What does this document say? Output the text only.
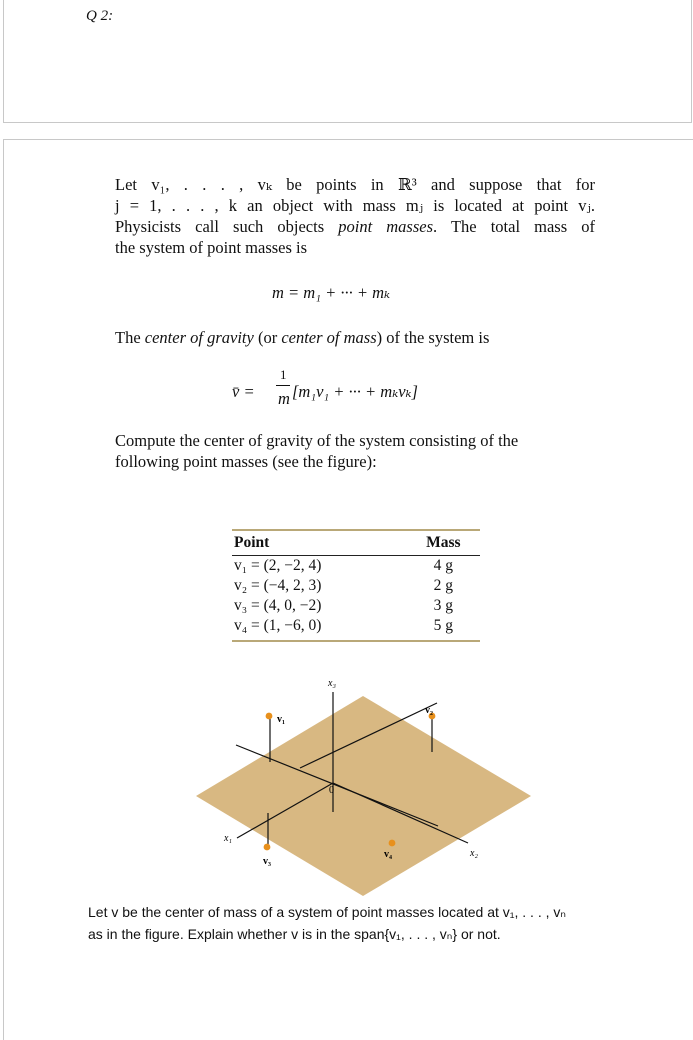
Q 2:
Let v₁, . . . , vₖ be points in ℝ³ and suppose that for
j = 1, . . . , k an object with mass mⱼ is located at point vⱼ.
Physicists call such objects point masses. The total mass of
the system of point masses is
m = m₁ + ··· + mₖ
The center of gravity (or center of mass) of the system is
v̄ =
1
m [m₁v₁ + ··· + mₖvₖ]
Compute the center of gravity of the system consisting of the
following point masses (see the figure):
Point	Mass
v₁ = (2, −2, 4)	4 g
v₂ = (−4, 2, 3)	2 g
v₃ = (4, 0, −2)	3 g
v₄ = (1, −6, 0)	5 g
x₃
v₁
v₂
0
x₁
v₃
v₄	x₂
Let v be the center of mass of a system of point masses located at v₁, . . . , vₙ
as in the figure. Explain whether v is in the span{v₁, . . . , vₙ} or not.
